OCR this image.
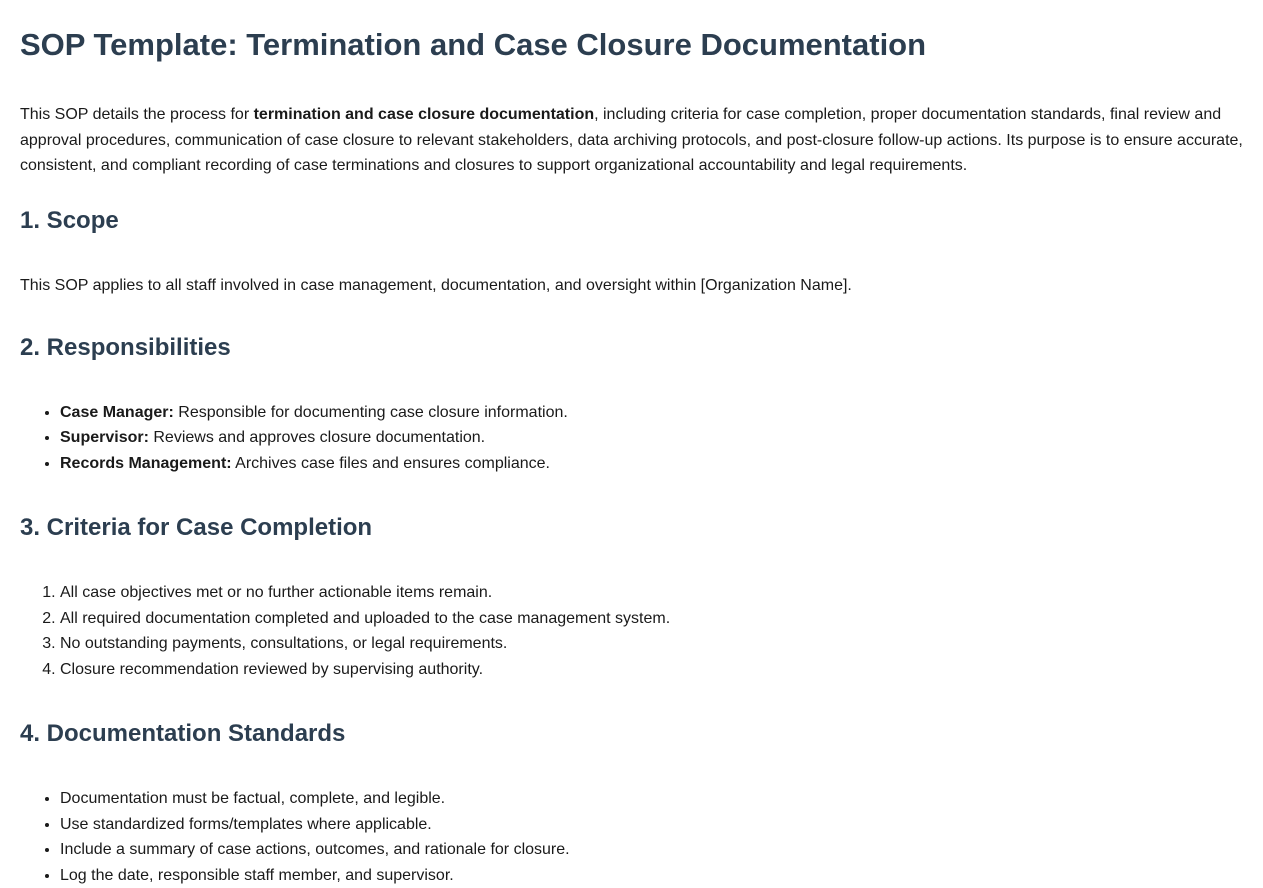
SOP Template: Termination and Case Closure Documentation

This SOP details the process for termination and case closure documentation, including criteria for case completion, proper documentation standards, final review and approval procedures, communication of case closure to relevant stakeholders, data archiving protocols, and post-closure follow-up actions. Its purpose is to ensure accurate, consistent, and compliant recording of case terminations and closures to support organizational accountability and legal requirements.

1. Scope

This SOP applies to all staff involved in case management, documentation, and oversight within [Organization Name].

2. Responsibilities
• Case Manager: Responsible for documenting case closure information.
• Supervisor: Reviews and approves closure documentation.
• Records Management: Archives case files and ensures compliance.
3. Criteria for Case Completion
1. All case objectives met or no further actionable items remain.
2. All required documentation completed and uploaded to the case management system.
3. No outstanding payments, consultations, or legal requirements.
4. Closure recommendation reviewed by supervising authority.
4. Documentation Standards
• Documentation must be factual, complete, and legible.
• Use standardized forms/templates where applicable.
• Include a summary of case actions, outcomes, and rationale for closure.
• Log the date, responsible staff member, and supervisor.
